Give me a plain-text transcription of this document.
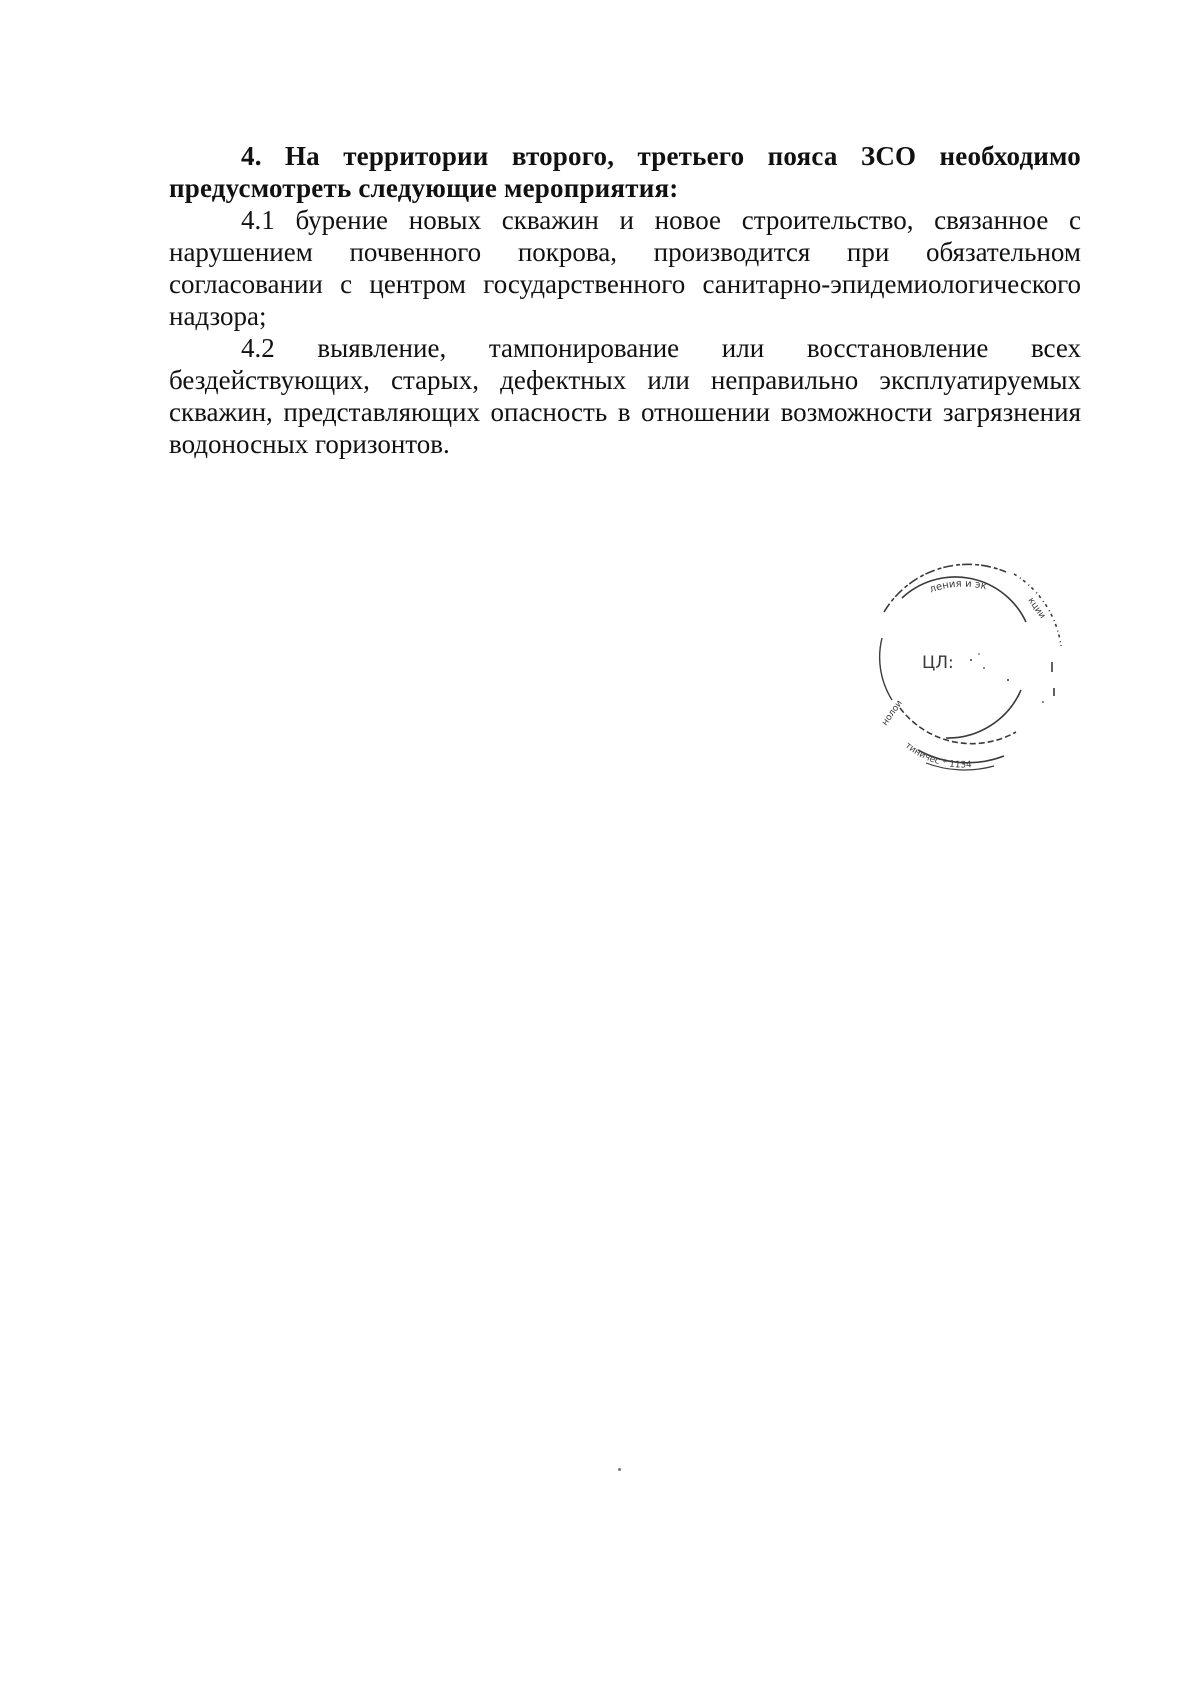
4. На территории второго, третьего пояса ЗСО необходимо предусмотреть следующие мероприятия:

4.1 бурение новых скважин и новое строительство, связанное с нарушением почвенного покрова, производится при обязательном согласовании с центром государственного санитарно-эпидемиологического надзора;

4.2 выявление, тампонирование или восстановление всех бездействующих, старых, дефектных или неправильно эксплуатируемых скважин, представляющих опасность в отношении возможности загрязнения водоносных горизонтов.

ления и эк
тиничес * 1134
кции
нолои
ЦЛ:
